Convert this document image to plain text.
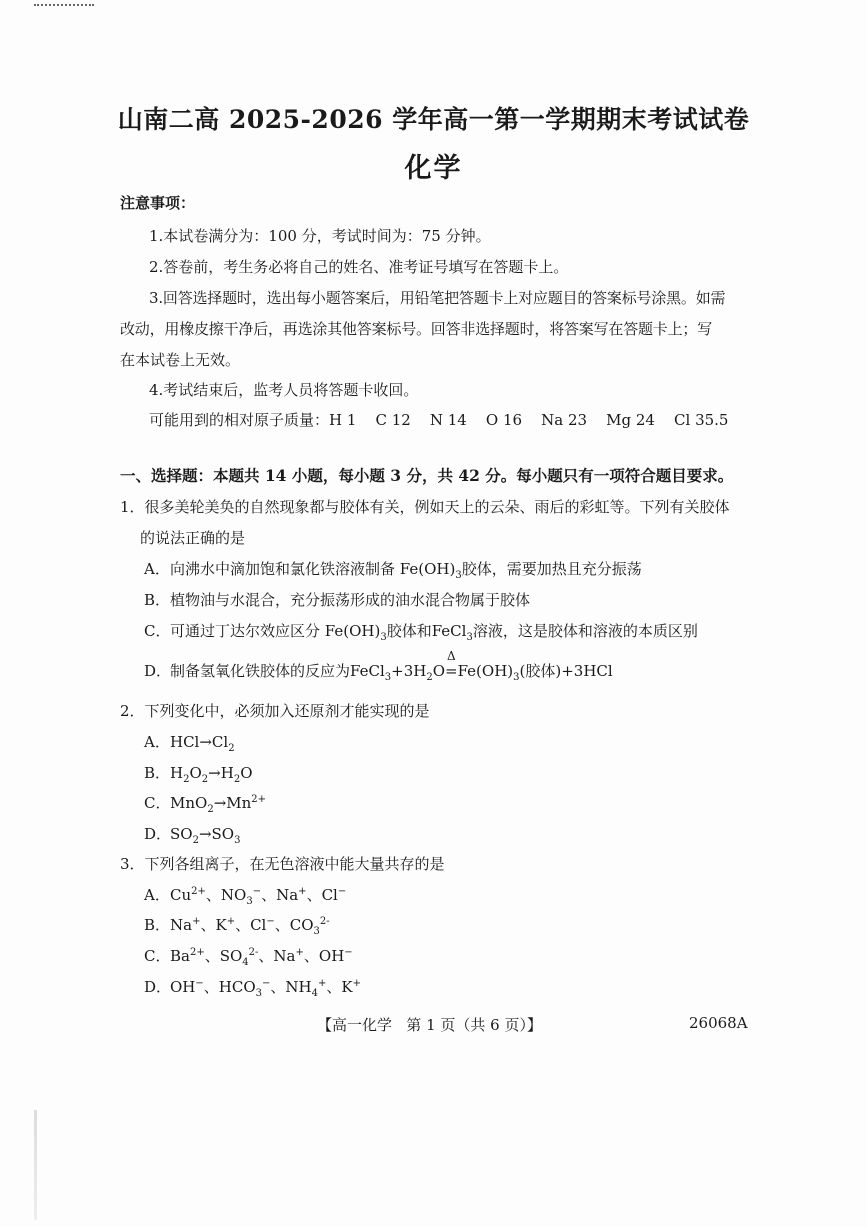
山南二高 2025-2026 学年高一第一学期期末考试试卷
化学
注意事项：
1.本试卷满分为：100 分，考试时间为：75 分钟。
2.答卷前，考生务必将自己的姓名、准考证号填写在答题卡上。
3.回答选择题时，选出每小题答案后，用铅笔把答题卡上对应题目的答案标号涂黑。如需
改动，用橡皮擦干净后，再选涂其他答案标号。回答非选择题时，将答案写在答题卡上；写
在本试卷上无效。
4.考试结束后，监考人员将答题卡收回。
可能用到的相对原子质量：H 1    C 12    N 14    O 16    Na 23    Mg 24    Cl 35.5
一、选择题：本题共 14 小题，每小题 3 分，共 42 分。每小题只有一项符合题目要求。
1．很多美轮美奂的自然现象都与胶体有关，例如天上的云朵、雨后的彩虹等。下列有关胶体
的说法正确的是
A．向沸水中滴加饱和氯化铁溶液制备 $Fe(OH)_3$胶体，需要加热且充分振荡
B．植物油与水混合，充分振荡形成的油水混合物属于胶体
C．可通过丁达尔效应区分 $Fe(OH)_3$胶体和FeCl$_3$溶液，这是胶体和溶液的本质区别
D．制备氢氧化铁胶体的反应为$FeCl_3+3H_2O$
Δ
$=Fe(OH)_3$(胶体)+3HCl
2．下列变化中，必须加入还原剂才能实现的是
A．$HCl\to Cl_2$
B．$H_2O_2\to H_2O$
C．$MnO_2\to Mn^{2+}$
D．$SO_2\to SO_3$
3．下列各组离子，在无色溶液中能大量共存的是
A．$Cu^{2+}$、$NO_3^-$、Na+、Cl−
B．Na+、K+、Cl−、$CO_3^{2-}$
C．$Ba^{2+}$、$SO_4^{2-}$、Na+、OH−
D．OH−、$HCO_3^-$、$NH_4^+$、K+
【高一化学   第 1 页（共 6 页）】	26068A
